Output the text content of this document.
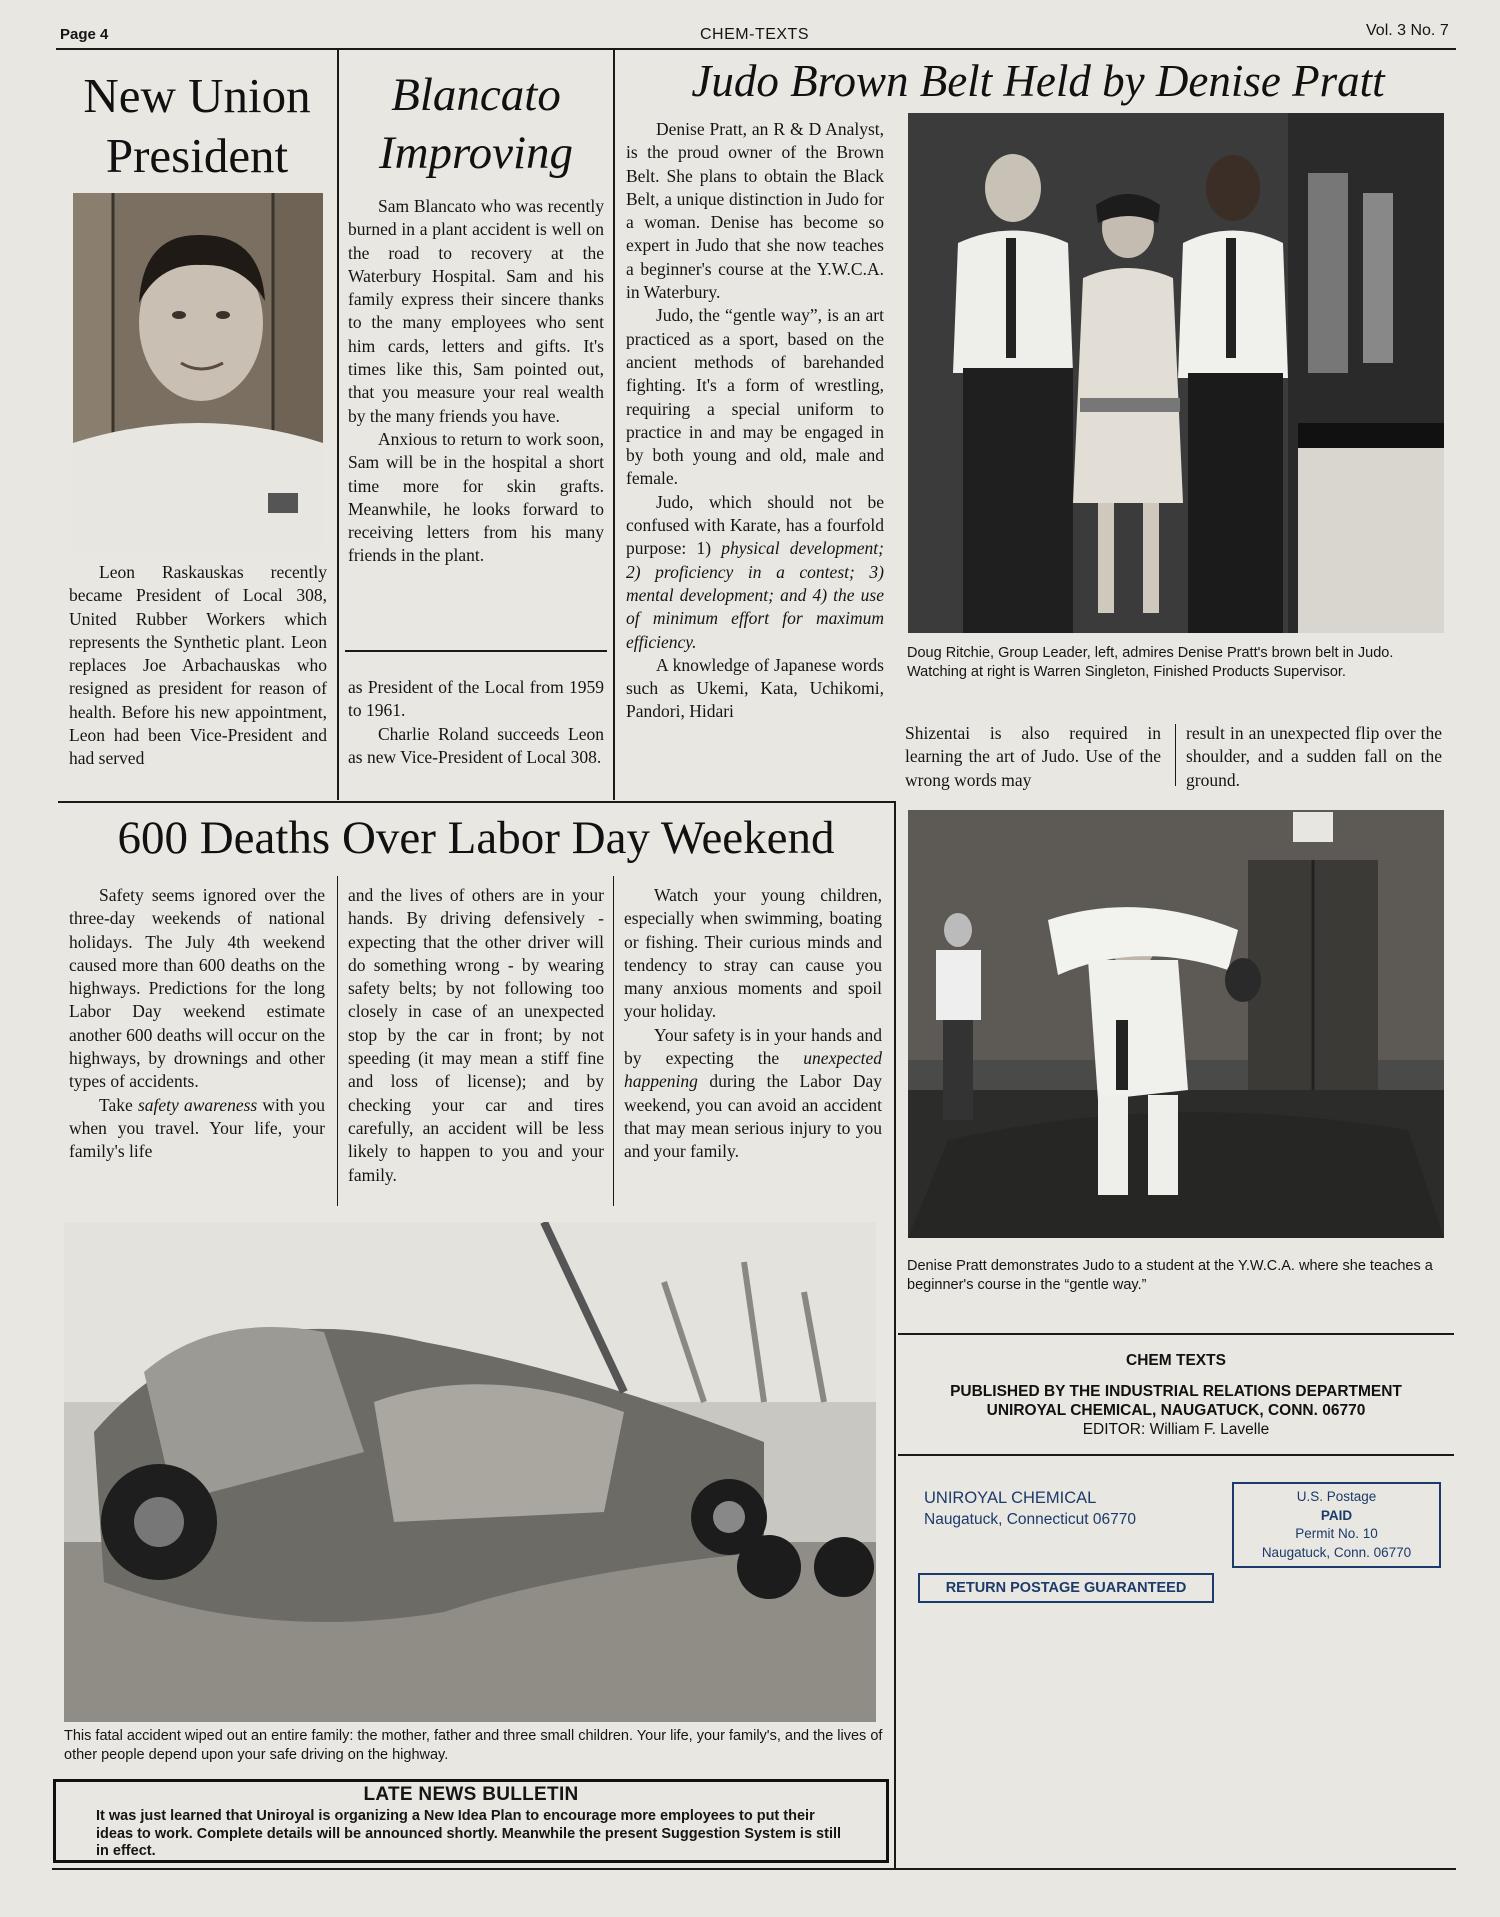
Page 4	CHEM-TEXTS	Vol. 3 No. 7
New Union
President

Leon Raskauskas recently became President of Local 308, United Rubber Workers which represents the Synthetic plant. Leon replaces Joe Arbachauskas who resigned as president for reason of health. Before his new appointment, Leon had been Vice-President and had served

Blancato
Improving

Sam Blancato who was recently burned in a plant accident is well on the road to recovery at the Waterbury Hospital. Sam and his family express their sincere thanks to the many employees who sent him cards, letters and gifts. It's times like this, Sam pointed out, that you measure your real wealth by the many friends you have.

Anxious to return to work soon, Sam will be in the hospital a short time more for skin grafts. Meanwhile, he looks forward to receiving letters from his many friends in the plant.

as President of the Local from 1959 to 1961.

Charlie Roland succeeds Leon as new Vice-President of Local 308.

Judo Brown Belt Held by Denise Pratt

Denise Pratt, an R & D Analyst, is the proud owner of the Brown Belt. She plans to obtain the Black Belt, a unique distinction in Judo for a woman. Denise has become so expert in Judo that she now teaches a beginner's course at the Y.W.C.A. in Waterbury.

Judo, the “gentle way”, is an art practiced as a sport, based on the ancient methods of barehanded fighting. It's a form of wrestling, requiring a special uniform to practice in and may be engaged in by both young and old, male and female.

Judo, which should not be confused with Karate, has a fourfold purpose: 1) physical development; 2) proficiency in a contest; 3) mental development; and 4) the use of minimum effort for maximum efficiency.

A knowledge of Japanese words such as Ukemi, Kata, Uchikomi, Pandori, Hidari

Doug Ritchie, Group Leader, left, admires Denise Pratt's brown belt in Judo. Watching at right is Warren Singleton, Finished Products Supervisor.

Shizentai is also required in learning the art of Judo. Use of the wrong words may

result in an unexpected flip over the shoulder, and a sudden fall on the ground.

Denise Pratt demonstrates Judo to a student at the Y.W.C.A. where she teaches a beginner's course in the “gentle way.”
600 Deaths Over Labor Day Weekend

Safety seems ignored over the three-day weekends of national holidays. The July 4th weekend caused more than 600 deaths on the highways. Predictions for the long Labor Day weekend estimate another 600 deaths will occur on the highways, by drownings and other types of accidents.

Take safety awareness with you when you travel. Your life, your family's life

and the lives of others are in your hands. By driving defensively - expecting that the other driver will do something wrong - by wearing safety belts; by not following too closely in case of an unexpected stop by the car in front; by not speeding (it may mean a stiff fine and loss of license); and by checking your car and tires carefully, an accident will be less likely to happen to you and your family.

Watch your young children, especially when swimming, boating or fishing. Their curious minds and tendency to stray can cause you many anxious moments and spoil your holiday.

Your safety is in your hands and by expecting the unexpected happening during the Labor Day weekend, you can avoid an accident that may mean serious injury to you and your family.

This fatal accident wiped out an entire family: the mother, father and three small children. Your life, your family's, and the lives of other people depend upon your safe driving on the highway.
LATE NEWS BULLETIN
It was just learned that Uniroyal is organizing a New Idea Plan to encourage more employees to put their ideas to work. Complete details will be announced shortly. Meanwhile the present Suggestion System is still in effect.
CHEM TEXTS
PUBLISHED BY THE INDUSTRIAL RELATIONS DEPARTMENT
UNIROYAL CHEMICAL, NAUGATUCK, CONN. 06770
EDITOR: William F. Lavelle
UNIROYAL CHEMICAL
Naugatuck, Connecticut 06770
U.S. Postage
PAID
Permit No. 10
Naugatuck, Conn. 06770
RETURN POSTAGE GUARANTEED
